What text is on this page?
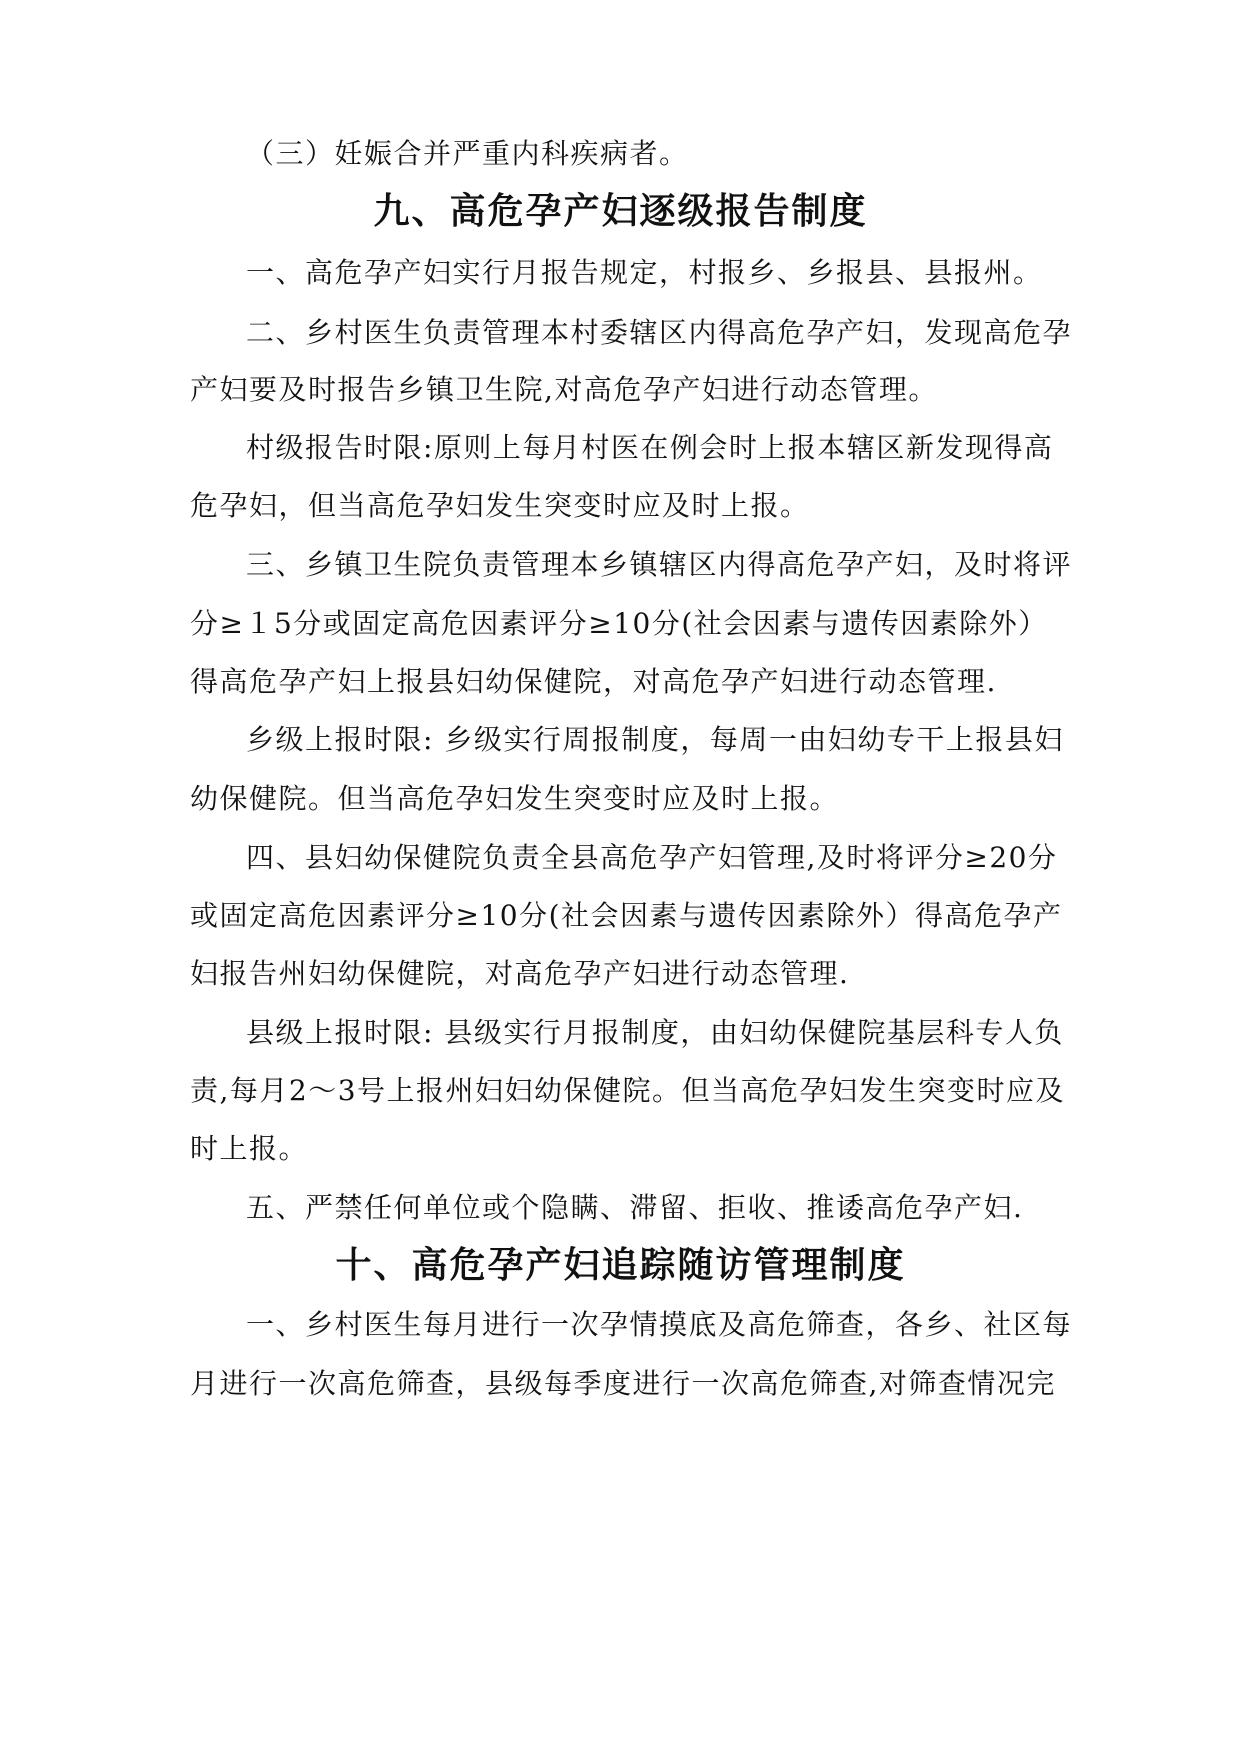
（三）妊娠合并严重内科疾病者。
九、高危孕产妇逐级报告制度
一、高危孕产妇实行月报告规定，村报乡、乡报县、县报州。
二、乡村医生负责管理本村委辖区内得高危孕产妇，发现高危孕
产妇要及时报告乡镇卫生院,对高危孕产妇进行动态管理。
村级报告时限:原则上每月村医在例会时上报本辖区新发现得高
危孕妇，但当高危孕妇发生突变时应及时上报。
三、乡镇卫生院负责管理本乡镇辖区内得高危孕产妇，及时将评
分≥１5分或固定高危因素评分≥10分(社会因素与遗传因素除外）
得高危孕产妇上报县妇幼保健院，对高危孕产妇进行动态管理.
乡级上报时限: 乡级实行周报制度，每周一由妇幼专干上报县妇
幼保健院。但当高危孕妇发生突变时应及时上报。
四、县妇幼保健院负责全县高危孕产妇管理,及时将评分≥20分
或固定高危因素评分≥10分(社会因素与遗传因素除外）得高危孕产
妇报告州妇幼保健院，对高危孕产妇进行动态管理.
县级上报时限: 县级实行月报制度，由妇幼保健院基层科专人负
责,每月2～3号上报州妇妇幼保健院。但当高危孕妇发生突变时应及
时上报。
五、严禁任何单位或个隐瞒、滞留、拒收、推诿高危孕产妇.
十、高危孕产妇追踪随访管理制度
一、乡村医生每月进行一次孕情摸底及高危筛查，各乡、社区每
月进行一次高危筛查，县级每季度进行一次高危筛查,对筛查情况完
